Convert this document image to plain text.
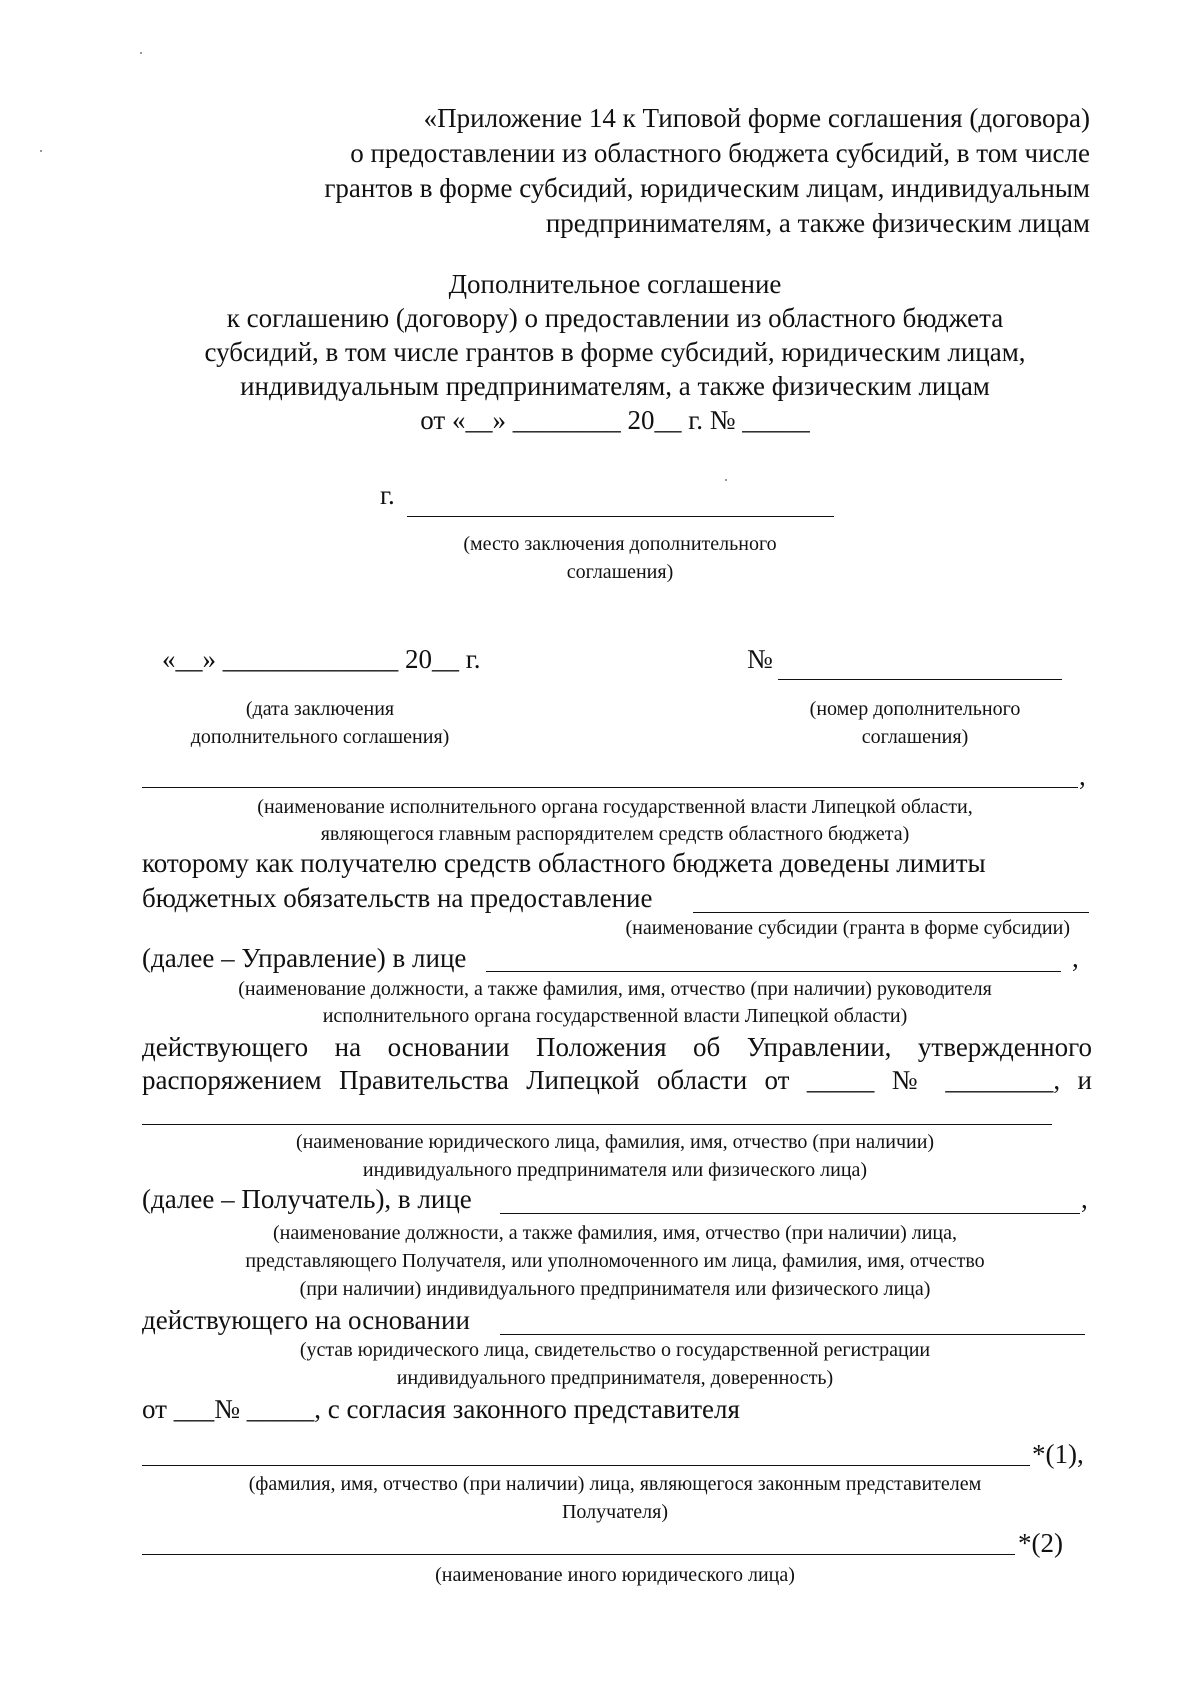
«Приложение 14 к Типовой форме соглашения (договора)
о предоставлении из областного бюджета субсидий, в том числе
грантов в форме субсидий, юридическим лицам, индивидуальным
предпринимателям, а также физическим лицам
Дополнительное соглашение
к соглашению (договору) о предоставлении из областного бюджета
субсидий, в том числе грантов в форме субсидий, юридическим лицам,
индивидуальным предпринимателям, а также физическим лицам
от «__» ________ 20__ г. № _____
г.
(место заключения дополнительного
соглашения)
«__» _____________ 20__ г.	№
(дата заключения
дополнительного соглашения)
(номер дополнительного
соглашения)
,
(наименование исполнительного органа государственной власти Липецкой области,
являющегося главным распорядителем средств областного бюджета)
которому как получателю средств областного бюджета доведены лимиты
бюджетных обязательств на предоставление
(наименование субсидии (гранта в форме субсидии)
(далее – Управление) в лице	,
(наименование должности, а также фамилия, имя, отчество (при наличии) руководителя
исполнительного органа государственной власти Липецкой области)
действующего на основании Положения об Управлении, утвержденного
распоряжением Правительства Липецкой области от _____ № ________, и
(наименование юридического лица, фамилия, имя, отчество (при наличии)
индивидуального предпринимателя или физического лица)
(далее – Получатель), в лице	,
(наименование должности, а также фамилия, имя, отчество (при наличии) лица,
представляющего Получателя, или уполномоченного им лица, фамилия, имя, отчество
(при наличии) индивидуального предпринимателя или физического лица)
действующего на основании
(устав юридического лица, свидетельство о государственной регистрации
индивидуального предпринимателя, доверенность)
от ___№ _____, с согласия законного представителя
*(1),
(фамилия, имя, отчество (при наличии) лица, являющегося законным представителем
Получателя)
*(2)
(наименование иного юридического лица)
